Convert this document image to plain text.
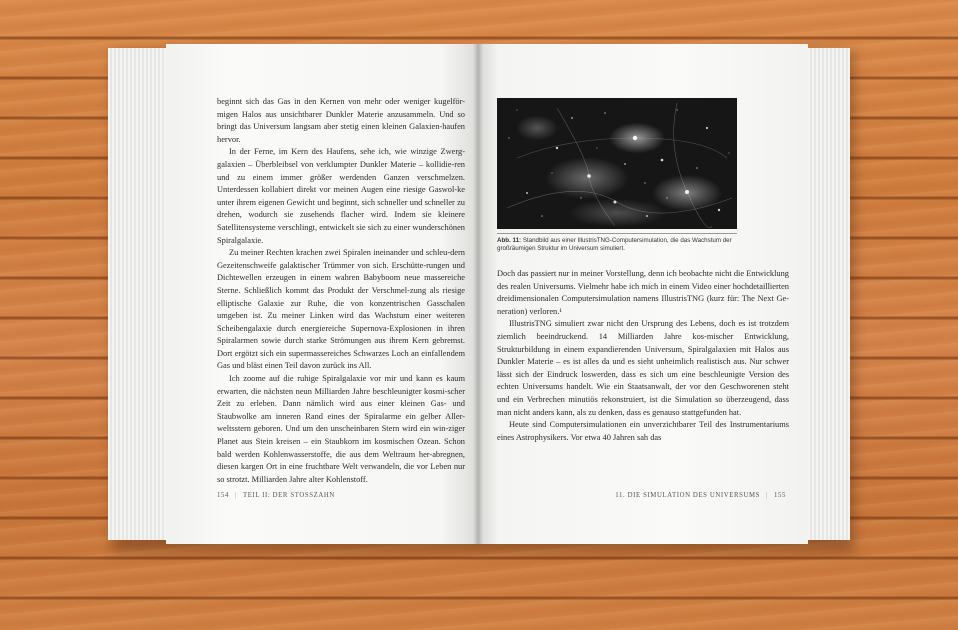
beginnt sich das Gas in den Kernen von mehr oder weniger kugelför-migen Halos aus unsichtbarer Dunkler Materie anzusammeln. Und so bringt das Universum langsam aber stetig einen kleinen Galaxien-haufen hervor.

In der Ferne, im Kern des Haufens, sehe ich, wie winzige Zwerg-galaxien – Überbleibsel von verklumpter Dunkler Materie – kollidie-ren und zu einem immer größer werdenden Ganzen verschmelzen. Unterdessen kollabiert direkt vor meinen Augen eine riesige Gaswol-ke unter ihrem eigenen Gewicht und beginnt, sich schneller und schneller zu drehen, wodurch sie zusehends flacher wird. Indem sie kleinere Satellitensysteme verschlingt, entwickelt sie sich zu einer wunderschönen Spiralgalaxie.

Zu meiner Rechten krachen zwei Spiralen ineinander und schleu-dern Gezeitenschweife galaktischer Trümmer von sich. Erschütte-rungen und Dichtewellen erzeugen in einem wahren Babyboom neue massereiche Sterne. Schließlich kommt das Produkt der Verschmel-zung als riesige elliptische Galaxie zur Ruhe, die von konzentrischen Gasschalen umgeben ist. Zu meiner Linken wird das Wachstum einer weiteren Scheibengalaxie durch energiereiche Supernova-Explosionen in ihren Spiralarmen sowie durch starke Strömungen aus ihrem Kern gebremst. Dort ergötzt sich ein supermassereiches Schwarzes Loch an einfallendem Gas und bläst einen Teil davon zurück ins All.

Ich zoome auf die ruhige Spiralgalaxie vor mir und kann es kaum erwarten, die nächsten neun Milliarden Jahre beschleunigter kosmi-scher Zeit zu erleben. Dann nämlich wird aus einer kleinen Gas- und Staubwolke am inneren Rand eines der Spiralarme ein gelber Aller-weltsstern geboren. Und um den unscheinbaren Stern wird ein win-ziger Planet aus Stein kreisen – ein Staubkorn im kosmischen Ozean. Schon bald werden Kohlenwasserstoffe, die aus dem Weltraum her-abregnen, diesen kargen Ort in eine fruchtbare Welt verwandeln, die vor Leben nur so strotzt. Milliarden Jahre alter Kohlenstoff.

154 | TEIL II: DER STOSSZAHN
Abb. 11: Standbild aus einer IllustrisTNG-Computersimulation, die das Wachstum der großräumigen Struktur im Universum simuliert.

Doch das passiert nur in meiner Vorstellung, denn ich beobachte nicht die Entwicklung des realen Universums. Vielmehr habe ich mich in einem Video einer hochdetaillierten dreidimensionalen Computersimulation namens IllustrisTNG (kurz für: The Next Ge-neration) verloren.¹

IllustrisTNG simuliert zwar nicht den Ursprung des Lebens, doch es ist trotzdem ziemlich beeindruckend. 14 Milliarden Jahre kos-mischer Entwicklung, Strukturbildung in einem expandierenden Universum, Spiralgalaxien mit Halos aus Dunkler Materie – es ist alles da und es sieht unheimlich realistisch aus. Nur schwer lässt sich der Eindruck loswerden, dass es sich um eine beschleunigte Version des echten Universums handelt. Wie ein Staatsanwalt, der vor den Geschworenen steht und ein Verbrechen minutiös rekonstruiert, ist die Simulation so überzeugend, dass man nicht anders kann, als zu denken, dass es genauso stattgefunden hat.

Heute sind Computersimulationen ein unverzichtbarer Teil des Instrumentariums eines Astrophysikers. Vor etwa 40 Jahren sah das

11. DIE SIMULATION DES UNIVERSUMS | 155
